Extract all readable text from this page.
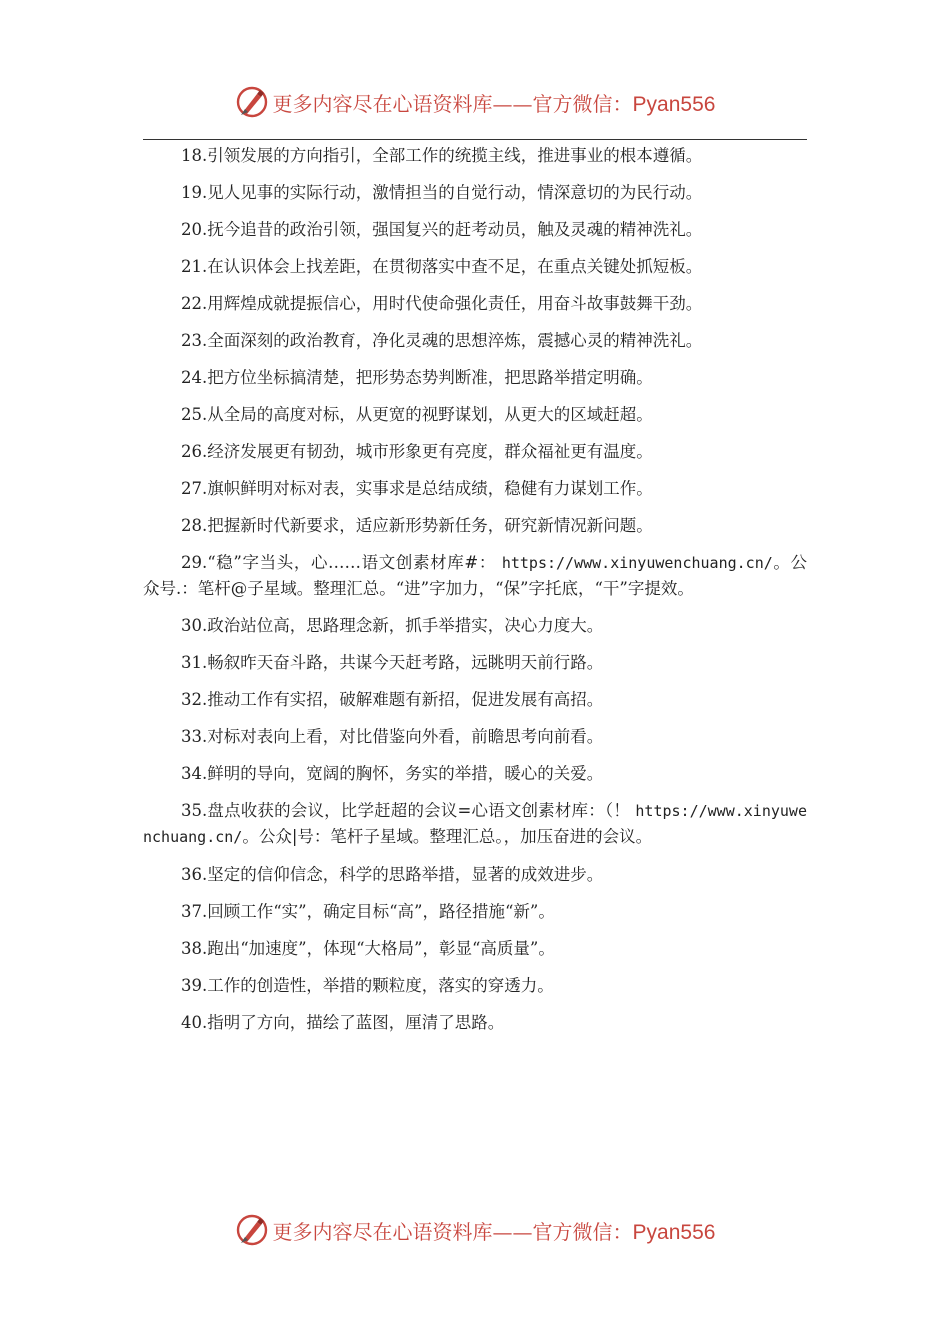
更多内容尽在心语资料库——官方微信：Pyan556
18.引领发展的方向指引，全部工作的统揽主线，推进事业的根本遵循。
19.见人见事的实际行动，激情担当的自觉行动，情深意切的为民行动。
20.抚今追昔的政治引领，强国复兴的赶考动员，触及灵魂的精神洗礼。
21.在认识体会上找差距，在贯彻落实中查不足，在重点关键处抓短板。
22.用辉煌成就提振信心，用时代使命强化责任，用奋斗故事鼓舞干劲。
23.全面深刻的政治教育，净化灵魂的思想淬炼，震撼心灵的精神洗礼。
24.把方位坐标搞清楚，把形势态势判断准，把思路举措定明确。
25.从全局的高度对标，从更宽的视野谋划，从更大的区域赶超。
26.经济发展更有韧劲，城市形象更有亮度，群众福祉更有温度。
27.旗帜鲜明对标对表，实事求是总结成绩，稳健有力谋划工作。
28.把握新时代新要求，适应新形势新任务，研究新情况新问题。
29.“稳”字当头，心……语文创素材库#： https://www.xinyuwenchuang.cn/。公众号.：笔杆@子星域。整理汇总。“进”字加力，“保”字托底，“干”字提效。
30.政治站位高，思路理念新，抓手举措实，决心力度大。
31.畅叙昨天奋斗路，共谋今天赶考路，远眺明天前行路。
32.推动工作有实招，破解难题有新招，促进发展有高招。
33.对标对表向上看，对比借鉴向外看，前瞻思考向前看。
34.鲜明的导向，宽阔的胸怀，务实的举措，暖心的关爱。
35.盘点收获的会议，比学赶超的会议=心语文创素材库：（！ https://www.xinyuwenchuang.cn/。公众|号：笔杆子星域。整理汇总。，加压奋进的会议。
36.坚定的信仰信念，科学的思路举措，显著的成效进步。
37.回顾工作“实”，确定目标“高”，路径措施“新”。
38.跑出“加速度”，体现“大格局”，彰显“高质量”。
39.工作的创造性，举措的颗粒度，落实的穿透力。
40.指明了方向，描绘了蓝图，厘清了思路。
更多内容尽在心语资料库——官方微信：Pyan556
